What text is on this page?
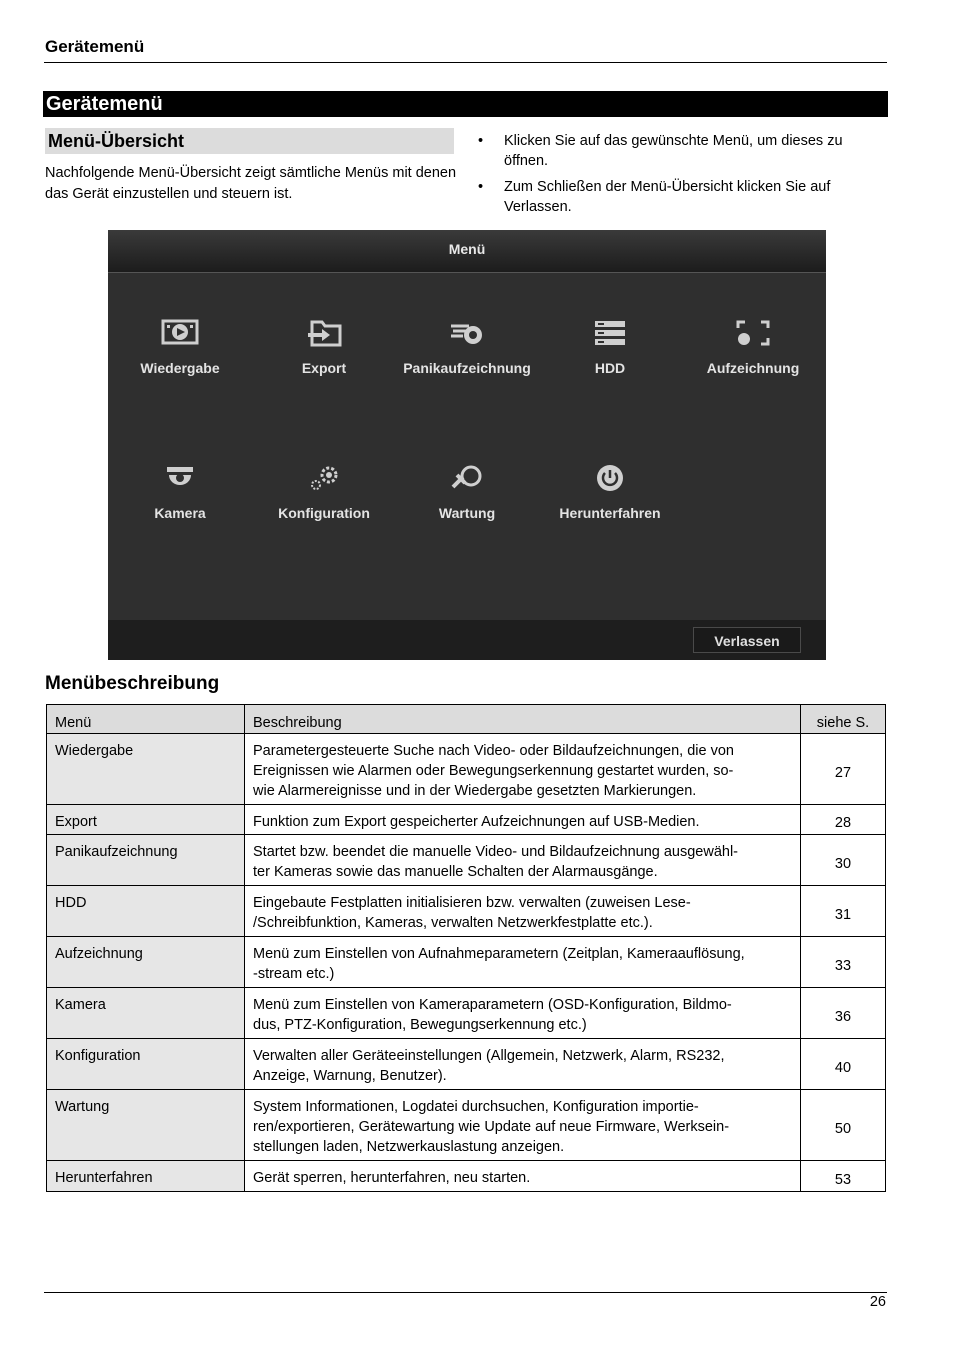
Gerätemenü
Gerätemenü
Menü-Übersicht
Nachfolgende Menü-Übersicht zeigt sämtliche Menüs mit denen das Gerät einzustellen und steuern ist.
• Klicken Sie auf das gewünschte Menü, um dieses zu öffnen.
• Zum Schließen der Menü-Übersicht klicken Sie auf Verlassen.
Menü
Wiedergabe	Export	Panikaufzeichnung	HDD	Aufzeichnung
Kamera	Konfiguration	Wartung	Herunterfahren
Verlassen
Menübeschreibung
Menü	Beschreibung	siehe S.
Wiedergabe	Parametergesteuerte Suche nach Video- oder Bildaufzeichnungen, die von
Ereignissen wie Alarmen oder Bewegungserkennung gestartet wurden, so-
wie Alarmereignisse und in der Wiedergabe gesetzten Markierungen.	27
Export	Funktion zum Export gespeicherter Aufzeichnungen auf USB-Medien.	28
Panikaufzeichnung	Startet bzw. beendet die manuelle Video- und Bildaufzeichnung ausgewähl-
ter Kameras sowie das manuelle Schalten der Alarmausgänge.	30
HDD	Eingebaute Festplatten initialisieren bzw. verwalten (zuweisen Lese-
/Schreibfunktion, Kameras, verwalten Netzwerkfestplatte etc.).	31
Aufzeichnung	Menü zum Einstellen von Aufnahmeparametern (Zeitplan, Kameraauflösung,
-stream etc.)	33
Kamera	Menü zum Einstellen von Kameraparametern (OSD-Konfiguration, Bildmo-
dus, PTZ-Konfiguration, Bewegungserkennung etc.)	36
Konfiguration	Verwalten aller Geräteeinstellungen (Allgemein, Netzwerk, Alarm, RS232,
Anzeige, Warnung, Benutzer).	40
Wartung	System Informationen, Logdatei durchsuchen, Konfiguration importie-
ren/exportieren, Gerätewartung wie Update auf neue Firmware, Werksein-
stellungen laden, Netzwerkauslastung anzeigen.	50
Herunterfahren	Gerät sperren, herunterfahren, neu starten.	53
26
